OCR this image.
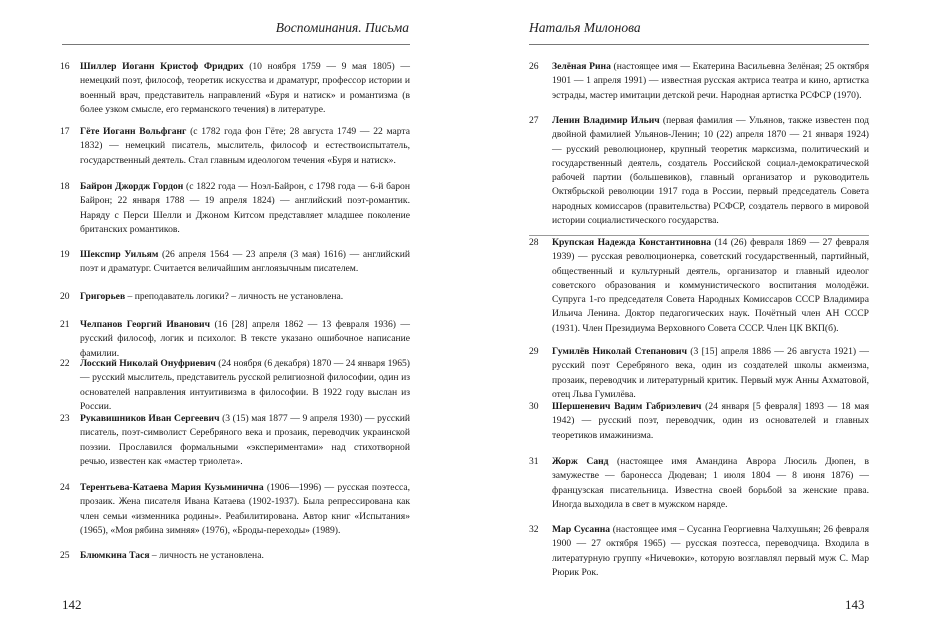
Воспоминания. Письма
16 Шиллер Иоганн Кристоф Фридрих (10 ноября 1759 — 9 мая 1805) — немецкий поэт, философ, теоретик искусства и драматург, профессор истории и военный врач, представитель направлений «Буря и натиск» и романтизма (в более узком смысле, его германского течения) в литературе.
17 Гёте Иоганн Вольфганг (с 1782 года фон Гёте; 28 августа 1749 — 22 марта 1832) — немецкий писатель, мыслитель, философ и естествоиспытатель, государственный деятель. Стал главным идеологом течения «Буря и натиск».
18 Байрон Джордж Гордон (с 1822 года — Ноэл-Байрон, с 1798 года — 6-й барон Байрон; 22 января 1788 — 19 апреля 1824) — английский поэт-романтик. Наряду с Перси Шелли и Джоном Китсом представляет младшее поколение британских романтиков.
19 Шекспир Уильям (26 апреля 1564 — 23 апреля (3 мая) 1616) — английский поэт и драматург. Считается величайшим англоязычным писателем.
20 Григорьев – преподаватель логики? – личность не установлена.
21 Челпанов Георгий Иванович (16 [28] апреля 1862 — 13 февраля 1936) — русский философ, логик и психолог. В тексте указано ошибочное написание фамилии.
22 Лосский Николай Онуфриевич (24 ноября (6 декабря) 1870 — 24 января 1965) — русский мыслитель, представитель русской религиозной философии, один из основателей направления интуитивизма в философии. В 1922 году выслан из России.
23 Рукавишников Иван Сергеевич (3 (15) мая 1877 — 9 апреля 1930) — русский писатель, поэт-символист Серебряного века и прозаик, переводчик украинской поэзии. Прославился формальными «экспериментами» над стихотворной речью, известен как «мастер триолета».
24 Терентьева-Катаева Мария Кузьминична (1906—1996) — русская поэтесса, прозаик. Жена писателя Ивана Катаева (1902-1937). Была репрессирована как член семьи «изменника родины». Реабилитирована. Автор книг «Испытания» (1965), «Моя рябина зимняя» (1976), «Броды-переходы» (1989).
25 Блюмкина Тася – личность не установлена.
142
Наталья Милонова
26 Зелёная Рина (настоящее имя — Екатерина Васильевна Зелёная; 25 октября 1901 — 1 апреля 1991) — известная русская актриса театра и кино, артистка эстрады, мастер имитации детской речи. Народная артистка РСФСР (1970).
27 Ленин Владимир Ильич (первая фамилия — Ульянов, также известен под двойной фамилией Ульянов-Ленин; 10 (22) апреля 1870 — 21 января 1924) — русский революционер, крупный теоретик марксизма, политический и государственный деятель, создатель Российской социал-демократической рабочей партии (большевиков), главный организатор и руководитель Октябрьской революции 1917 года в России, первый председатель Совета народных комиссаров (правительства) РСФСР, создатель первого в мировой истории социалистического государства.
28 Крупская Надежда Константиновна (14 (26) февраля 1869 — 27 февраля 1939) — русская революционерка, советский государственный, партийный, общественный и культурный деятель, организатор и главный идеолог советского образования и коммунистического воспитания молодёжи. Супруга 1-го председателя Совета Народных Комиссаров СССР Владимира Ильича Ленина. Доктор педагогических наук. Почётный член АН СССР (1931). Член Президиума Верховного Совета СССР. Член ЦК ВКП(б).
29 Гумилёв Николай Степанович (3 [15] апреля 1886 — 26 августа 1921) — русский поэт Серебряного века, один из создателей школы акмеизма, прозаик, переводчик и литературный критик. Первый муж Анны Ахматовой, отец Льва Гумилёва.
30 Шершеневич Вадим Габриэлевич (24 января [5 февраля] 1893 — 18 мая 1942) — русский поэт, переводчик, один из основателей и главных теоретиков имажинизма.
31 Жорж Санд (настоящее имя Амандина Аврора Люсиль Дюпен, в замужестве — баронесса Дюдеван; 1 июля 1804 — 8 июня 1876) — французская писательница. Известна своей борьбой за женские права. Иногда выходила в свет в мужском наряде.
32 Мар Сусанна (настоящее имя – Сусанна Георгиевна Чалхушьян; 26 февраля 1900 — 27 октября 1965) — русская поэтесса, переводчица. Входила в литературную группу «Ничевоки», которую возглавлял первый муж С. Мар Рюрик Рок.
143
